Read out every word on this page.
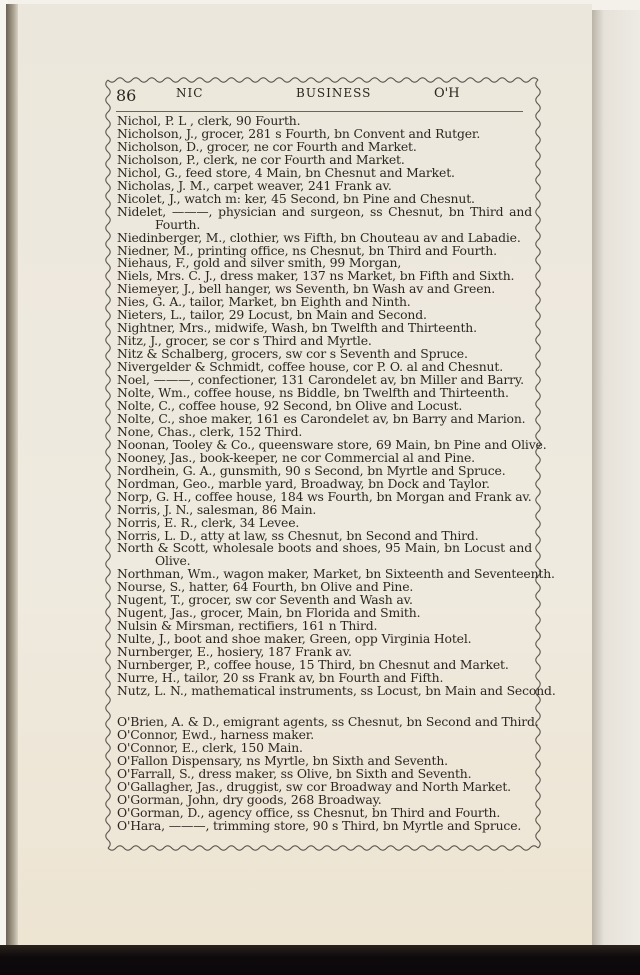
86	NIC	BUSINESS	O'H
Nichol, P. L , clerk, 90 Fourth.
Nicholson, J., grocer, 281 s Fourth, bn Convent and Rutger.
Nicholson, D., grocer, ne cor Fourth and Market.
Nicholson, P., clerk, ne cor Fourth and Market.
Nichol, G., feed store, 4 Main, bn Chesnut and Market.
Nicholas, J. M., carpet weaver, 241 Frank av.
Nicolet, J., watch m: ker, 45 Second, bn Pine and Chesnut.
Nidelet, ———, physician and surgeon, ss Chesnut, bn Third and
Fourth.
Niedinberger, M., clothier, ws Fifth, bn Chouteau av and Labadie.
Niedner, M., printing office, ns Chesnut, bn Third and Fourth.
Niehaus, F., gold and silver smith, 99 Morgan,
Niels, Mrs. C. J., dress maker, 137 ns Market, bn Fifth and Sixth.
Niemeyer, J., bell hanger, ws Seventh, bn Wash av and Green.
Nies, G. A., tailor, Market, bn Eighth and Ninth.
Nieters, L., tailor, 29 Locust, bn Main and Second.
Nightner, Mrs., midwife, Wash, bn Twelfth and Thirteenth.
Nitz, J., grocer, se cor s Third and Myrtle.
Nitz & Schalberg, grocers, sw cor s Seventh and Spruce.
Nivergelder & Schmidt, coffee house, cor P. O. al and Chesnut.
Noel, ———, confectioner, 131 Carondelet av, bn Miller and Barry.
Nolte, Wm., coffee house, ns Biddle, bn Twelfth and Thirteenth.
Nolte, C., coffee house, 92 Second, bn Olive and Locust.
Nolte, C., shoe maker, 161 es Carondelet av, bn Barry and Marion.
None, Chas., clerk, 152 Third.
Noonan, Tooley & Co., queensware store, 69 Main, bn Pine and Olive.
Nooney, Jas., book-keeper, ne cor Commercial al and Pine.
Nordhein, G. A., gunsmith, 90 s Second, bn Myrtle and Spruce.
Nordman, Geo., marble yard, Broadway, bn Dock and Taylor.
Norp, G. H., coffee house, 184 ws Fourth, bn Morgan and Frank av.
Norris, J. N., salesman, 86 Main.
Norris, E. R., clerk, 34 Levee.
Norris, L. D., atty at law, ss Chesnut, bn Second and Third.
North & Scott, wholesale boots and shoes, 95 Main, bn Locust and
Olive.
Northman, Wm., wagon maker, Market, bn Sixteenth and Seventeenth.
Nourse, S., hatter, 64 Fourth, bn Olive and Pine.
Nugent, T., grocer, sw cor Seventh and Wash av.
Nugent, Jas., grocer, Main, bn Florida and Smith.
Nulsin & Mirsman, rectifiers, 161 n Third.
Nulte, J., boot and shoe maker, Green, opp Virginia Hotel.
Nurnberger, E., hosiery, 187 Frank av.
Nurnberger, P., coffee house, 15 Third, bn Chesnut and Market.
Nurre, H., tailor, 20 ss Frank av, bn Fourth and Fifth.
Nutz, L. N., mathematical instruments, ss Locust, bn Main and Second.
O'Brien, A. & D., emigrant agents, ss Chesnut, bn Second and Third.
O'Connor, Ewd., harness maker.
O'Connor, E., clerk, 150 Main.
O'Fallon Dispensary, ns Myrtle, bn Sixth and Seventh.
O'Farrall, S., dress maker, ss Olive, bn Sixth and Seventh.
O'Gallagher, Jas., druggist, sw cor Broadway and North Market.
O'Gorman, John, dry goods, 268 Broadway.
O'Gorman, D., agency office, ss Chesnut, bn Third and Fourth.
O'Hara, ———, trimming store, 90 s Third, bn Myrtle and Spruce.
